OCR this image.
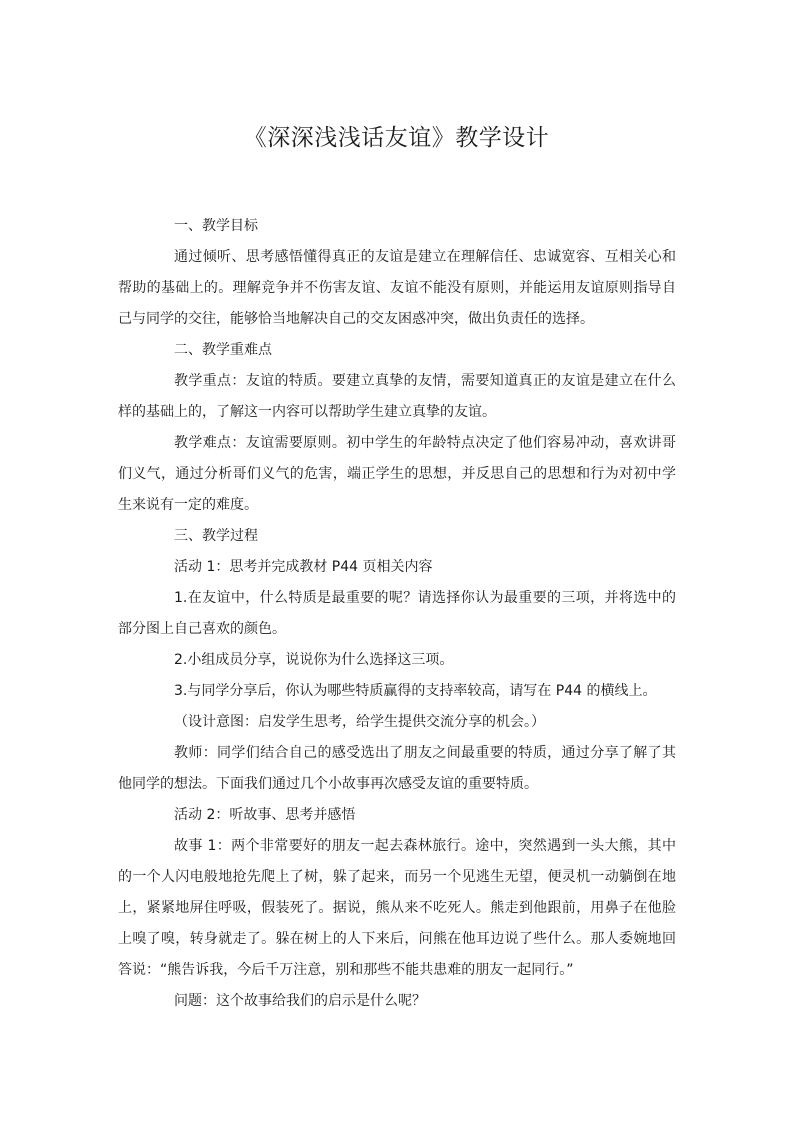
《深深浅浅话友谊》教学设计

一、教学目标

通过倾听、思考感悟懂得真正的友谊是建立在理解信任、忠诚宽容、互相关心和帮助的基础上的。理解竞争并不伤害友谊、友谊不能没有原则，并能运用友谊原则指导自己与同学的交往，能够恰当地解决自己的交友困惑冲突，做出负责任的选择。

二、教学重难点

教学重点：友谊的特质。要建立真挚的友情，需要知道真正的友谊是建立在什么样的基础上的，了解这一内容可以帮助学生建立真挚的友谊。

教学难点：友谊需要原则。初中学生的年龄特点决定了他们容易冲动，喜欢讲哥们义气，通过分析哥们义气的危害，端正学生的思想，并反思自己的思想和行为对初中学生来说有一定的难度。

三、教学过程

活动 1：思考并完成教材 P44 页相关内容

1.在友谊中，什么特质是最重要的呢？请选择你认为最重要的三项，并将选中的部分图上自己喜欢的颜色。

2.小组成员分享，说说你为什么选择这三项。

3.与同学分享后，你认为哪些特质赢得的支持率较高，请写在 P44 的横线上。

（设计意图：启发学生思考，给学生提供交流分享的机会。）

教师：同学们结合自己的感受选出了朋友之间最重要的特质，通过分享了解了其他同学的想法。下面我们通过几个小故事再次感受友谊的重要特质。

活动 2：听故事、思考并感悟

故事 1：两个非常要好的朋友一起去森林旅行。途中，突然遇到一头大熊，其中的一个人闪电般地抢先爬上了树，躲了起来，而另一个见逃生无望，便灵机一动躺倒在地上，紧紧地屏住呼吸，假装死了。据说，熊从来不吃死人。熊走到他跟前，用鼻子在他脸上嗅了嗅，转身就走了。躲在树上的人下来后，问熊在他耳边说了些什么。那人委婉地回答说：“熊告诉我，今后千万注意，别和那些不能共患难的朋友一起同行。”

问题：这个故事给我们的启示是什么呢？
